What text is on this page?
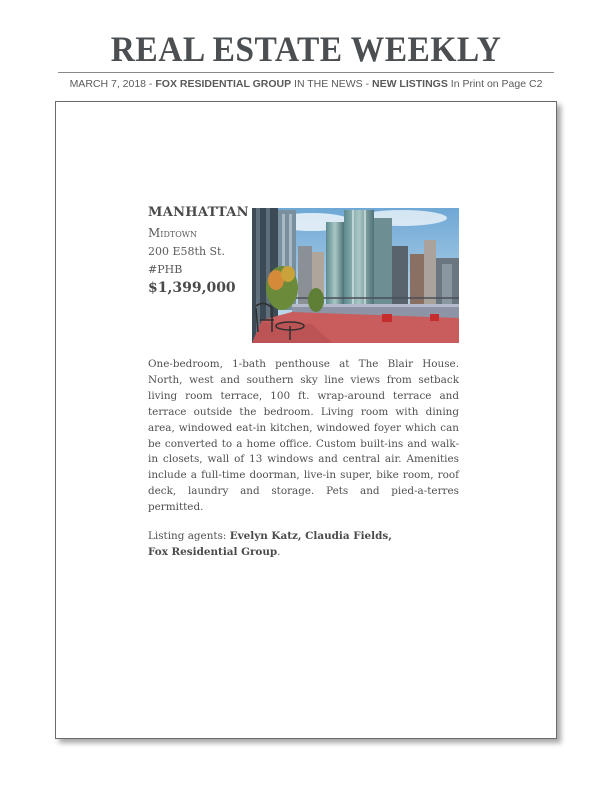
REAL ESTATE WEEKLY
MARCH 7, 2018 - FOX RESIDENTIAL GROUP IN THE NEWS - NEW LISTINGS In Print on Page C2
MANHATTAN
Midtown
200 E58th St.
#PHB
$1,399,000
One-bedroom, 1-bath penthouse at The Blair House. North, west and southern sky line views from setback living room terrace, 100 ft. wrap-around terrace and terrace outside the bedroom. Living room with dining area, windowed eat-in kitchen, windowed foyer which can be converted to a home office. Custom built-ins and walk-in closets, wall of 13 windows and central air. Amenities include a full-time doorman, live-in super, bike room, roof deck, laundry and storage. Pets and pied-a-terres permitted.
Listing agents: Evelyn Katz, Claudia Fields,
Fox Residential Group.
